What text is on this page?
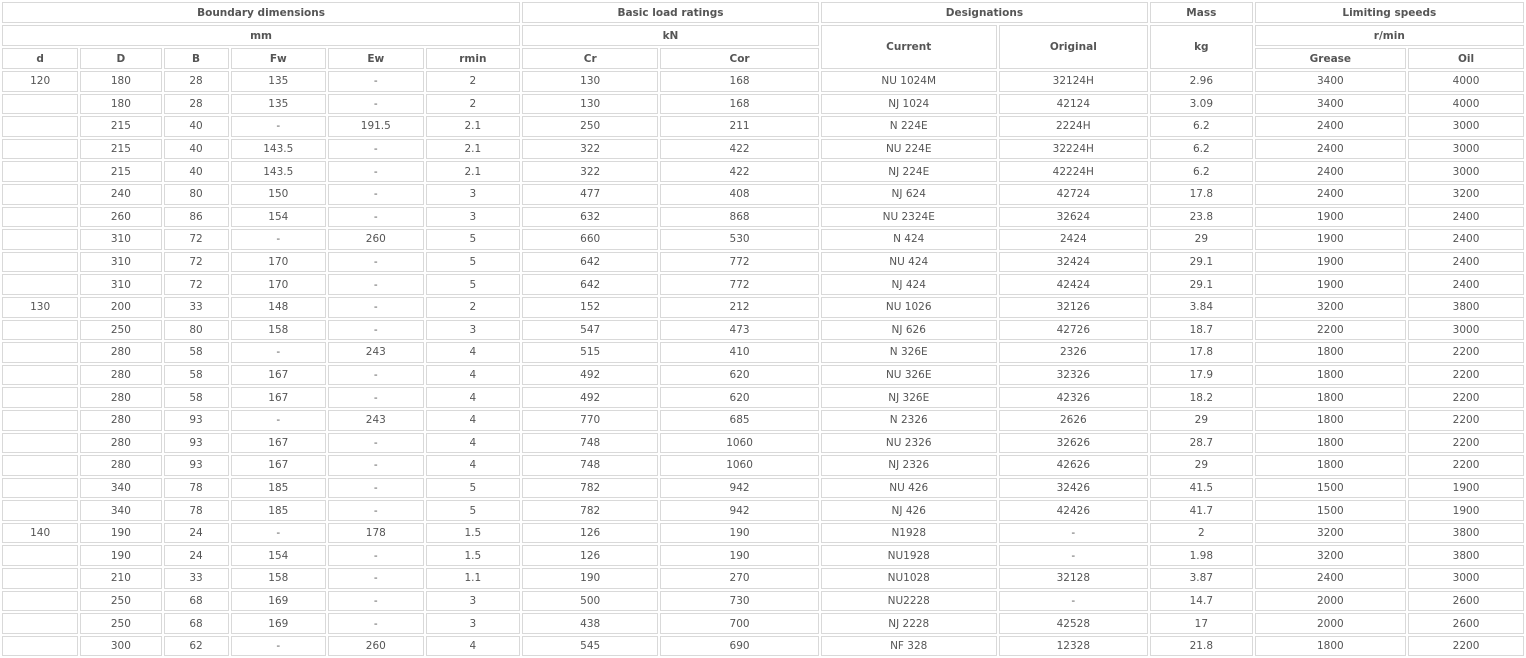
Boundary dimensions						Basic load ratings		Designations		Mass	Limiting speeds	
mm						kN		Current	Original	kg	r/min	
d	D	B	Fw	Ew	rmin	Cr	Cor				Grease	Oil
120	180	28	135	-	2	130	168	NU 1024M	32124H	2.96	3400	4000
	180	28	135	-	2	130	168	NJ 1024	42124	3.09	3400	4000
	215	40	-	191.5	2.1	250	211	N 224E	2224H	6.2	2400	3000
	215	40	143.5	-	2.1	322	422	NU 224E	32224H	6.2	2400	3000
	215	40	143.5	-	2.1	322	422	NJ 224E	42224H	6.2	2400	3000
	240	80	150	-	3	477	408	NJ 624	42724	17.8	2400	3200
	260	86	154	-	3	632	868	NU 2324E	32624	23.8	1900	2400
	310	72	-	260	5	660	530	N 424	2424	29	1900	2400
	310	72	170	-	5	642	772	NU 424	32424	29.1	1900	2400
	310	72	170	-	5	642	772	NJ 424	42424	29.1	1900	2400
130	200	33	148	-	2	152	212	NU 1026	32126	3.84	3200	3800
	250	80	158	-	3	547	473	NJ 626	42726	18.7	2200	3000
	280	58	-	243	4	515	410	N 326E	2326	17.8	1800	2200
	280	58	167	-	4	492	620	NU 326E	32326	17.9	1800	2200
	280	58	167	-	4	492	620	NJ 326E	42326	18.2	1800	2200
	280	93	-	243	4	770	685	N 2326	2626	29	1800	2200
	280	93	167	-	4	748	1060	NU 2326	32626	28.7	1800	2200
	280	93	167	-	4	748	1060	NJ 2326	42626	29	1800	2200
	340	78	185	-	5	782	942	NU 426	32426	41.5	1500	1900
	340	78	185	-	5	782	942	NJ 426	42426	41.7	1500	1900
140	190	24	-	178	1.5	126	190	N1928	-	2	3200	3800
	190	24	154	-	1.5	126	190	NU1928	-	1.98	3200	3800
	210	33	158	-	1.1	190	270	NU1028	32128	3.87	2400	3000
	250	68	169	-	3	500	730	NU2228	-	14.7	2000	2600
	250	68	169	-	3	438	700	NJ 2228	42528	17	2000	2600
	300	62	-	260	4	545	690	NF 328	12328	21.8	1800	2200
